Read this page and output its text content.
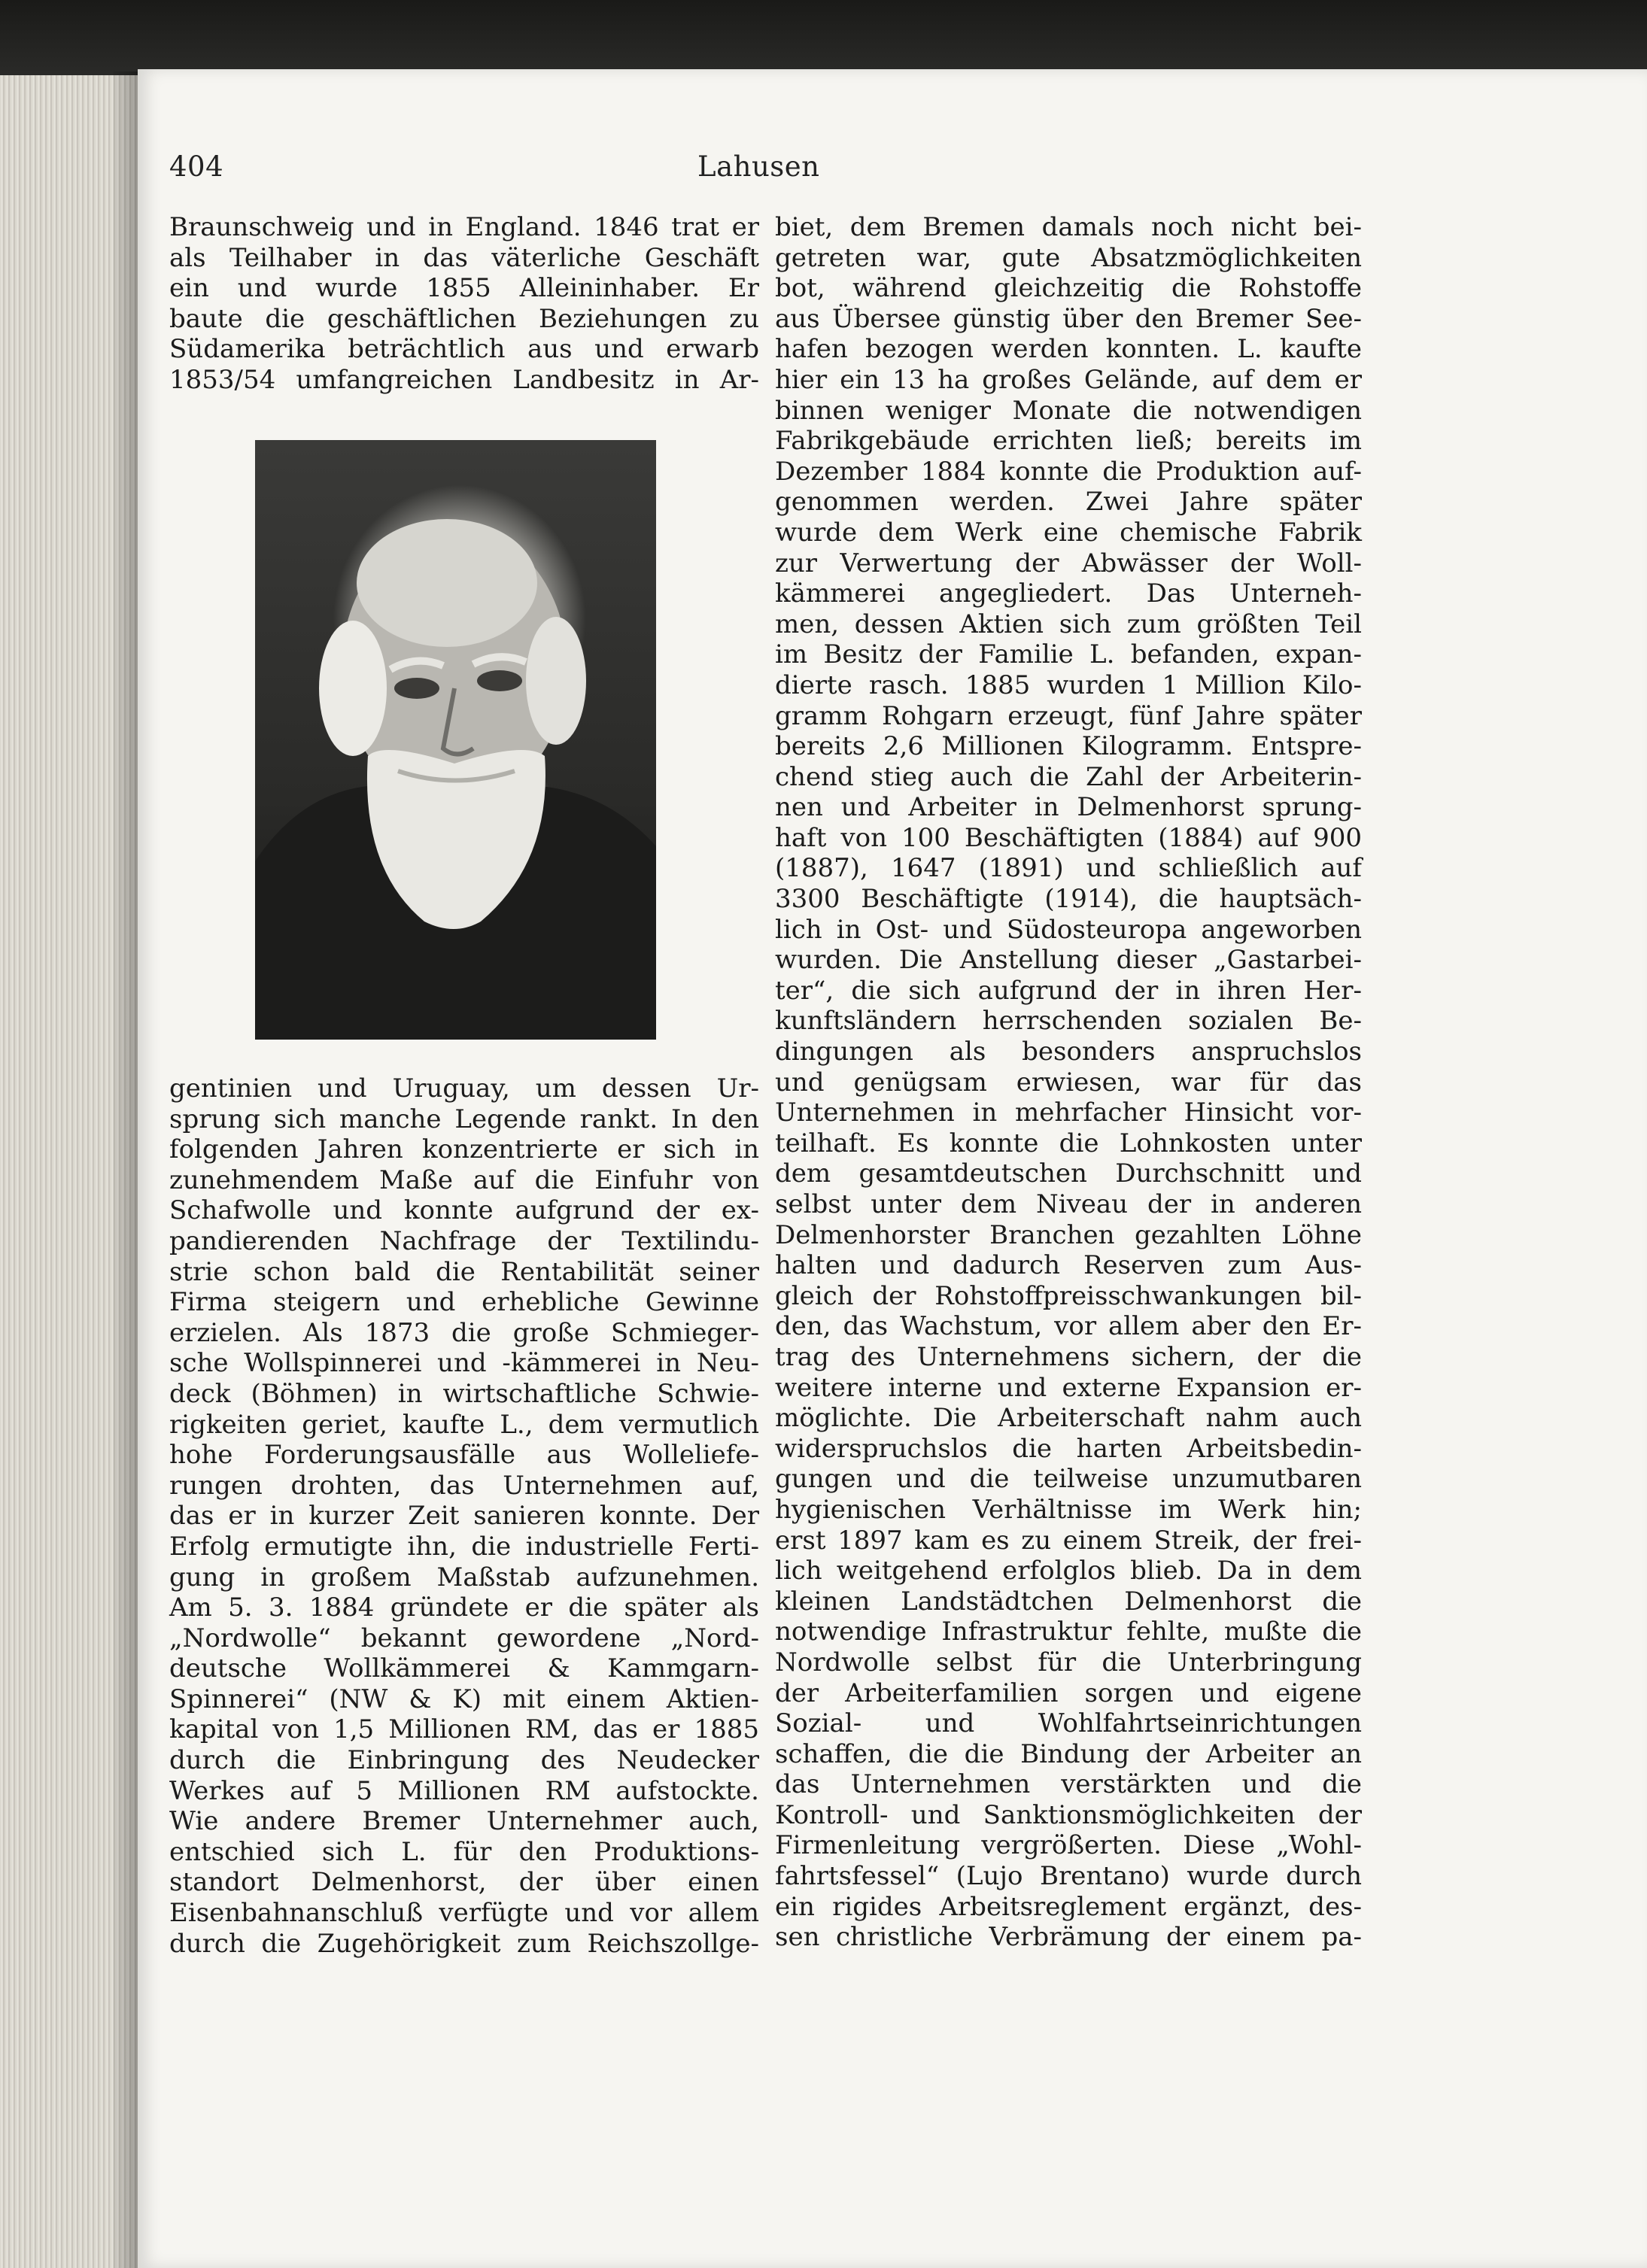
404	Lahusen
Braunschweig und in England. 1846 trat er
als Teilhaber in das väterliche Geschäft
ein und wurde 1855 Alleininhaber. Er
baute die geschäftlichen Beziehungen zu
Südamerika beträchtlich aus und erwarb
1853/54 umfangreichen Landbesitz in Ar-
gentinien und Uruguay, um dessen Ur-
sprung sich manche Legende rankt. In den
folgenden Jahren konzentrierte er sich in
zunehmendem Maße auf die Einfuhr von
Schafwolle und konnte aufgrund der ex-
pandierenden Nachfrage der Textilindu-
strie schon bald die Rentabilität seiner
Firma steigern und erhebliche Gewinne
erzielen. Als 1873 die große Schmieger-
sche Wollspinnerei und -kämmerei in Neu-
deck (Böhmen) in wirtschaftliche Schwie-
rigkeiten geriet, kaufte L., dem vermutlich
hohe Forderungsausfälle aus Wolleliefe-
rungen drohten, das Unternehmen auf,
das er in kurzer Zeit sanieren konnte. Der
Erfolg ermutigte ihn, die industrielle Ferti-
gung in großem Maßstab aufzunehmen.
Am 5. 3. 1884 gründete er die später als
„Nordwolle“ bekannt gewordene „Nord-
deutsche Wollkämmerei & Kammgarn-
Spinnerei“ (NW & K) mit einem Aktien-
kapital von 1,5 Millionen RM, das er 1885
durch die Einbringung des Neudecker
Werkes auf 5 Millionen RM aufstockte.
Wie andere Bremer Unternehmer auch,
entschied sich L. für den Produktions-
standort Delmenhorst, der über einen
Eisenbahnanschluß verfügte und vor allem
durch die Zugehörigkeit zum Reichszollge-
biet, dem Bremen damals noch nicht bei-
getreten war, gute Absatzmöglichkeiten
bot, während gleichzeitig die Rohstoffe
aus Übersee günstig über den Bremer See-
hafen bezogen werden konnten. L. kaufte
hier ein 13 ha großes Gelände, auf dem er
binnen weniger Monate die notwendigen
Fabrikgebäude errichten ließ; bereits im
Dezember 1884 konnte die Produktion auf-
genommen werden. Zwei Jahre später
wurde dem Werk eine chemische Fabrik
zur Verwertung der Abwässer der Woll-
kämmerei angegliedert. Das Unterneh-
men, dessen Aktien sich zum größten Teil
im Besitz der Familie L. befanden, expan-
dierte rasch. 1885 wurden 1 Million Kilo-
gramm Rohgarn erzeugt, fünf Jahre später
bereits 2,6 Millionen Kilogramm. Entspre-
chend stieg auch die Zahl der Arbeiterin-
nen und Arbeiter in Delmenhorst sprung-
haft von 100 Beschäftigten (1884) auf 900
(1887), 1647 (1891) und schließlich auf
3300 Beschäftigte (1914), die hauptsäch-
lich in Ost- und Südosteuropa angeworben
wurden. Die Anstellung dieser „Gastarbei-
ter“, die sich aufgrund der in ihren Her-
kunftsländern herrschenden sozialen Be-
dingungen als besonders anspruchslos
und genügsam erwiesen, war für das
Unternehmen in mehrfacher Hinsicht vor-
teilhaft. Es konnte die Lohnkosten unter
dem gesamtdeutschen Durchschnitt und
selbst unter dem Niveau der in anderen
Delmenhorster Branchen gezahlten Löhne
halten und dadurch Reserven zum Aus-
gleich der Rohstoffpreisschwankungen bil-
den, das Wachstum, vor allem aber den Er-
trag des Unternehmens sichern, der die
weitere interne und externe Expansion er-
möglichte. Die Arbeiterschaft nahm auch
widerspruchslos die harten Arbeitsbedin-
gungen und die teilweise unzumutbaren
hygienischen Verhältnisse im Werk hin;
erst 1897 kam es zu einem Streik, der frei-
lich weitgehend erfolglos blieb. Da in dem
kleinen Landstädtchen Delmenhorst die
notwendige Infrastruktur fehlte, mußte die
Nordwolle selbst für die Unterbringung
der Arbeiterfamilien sorgen und eigene
Sozial- und Wohlfahrtseinrichtungen
schaffen, die die Bindung der Arbeiter an
das Unternehmen verstärkten und die
Kontroll- und Sanktionsmöglichkeiten der
Firmenleitung vergrößerten. Diese „Wohl-
fahrtsfessel“ (Lujo Brentano) wurde durch
ein rigides Arbeitsreglement ergänzt, des-
sen christliche Verbrämung der einem pa-
